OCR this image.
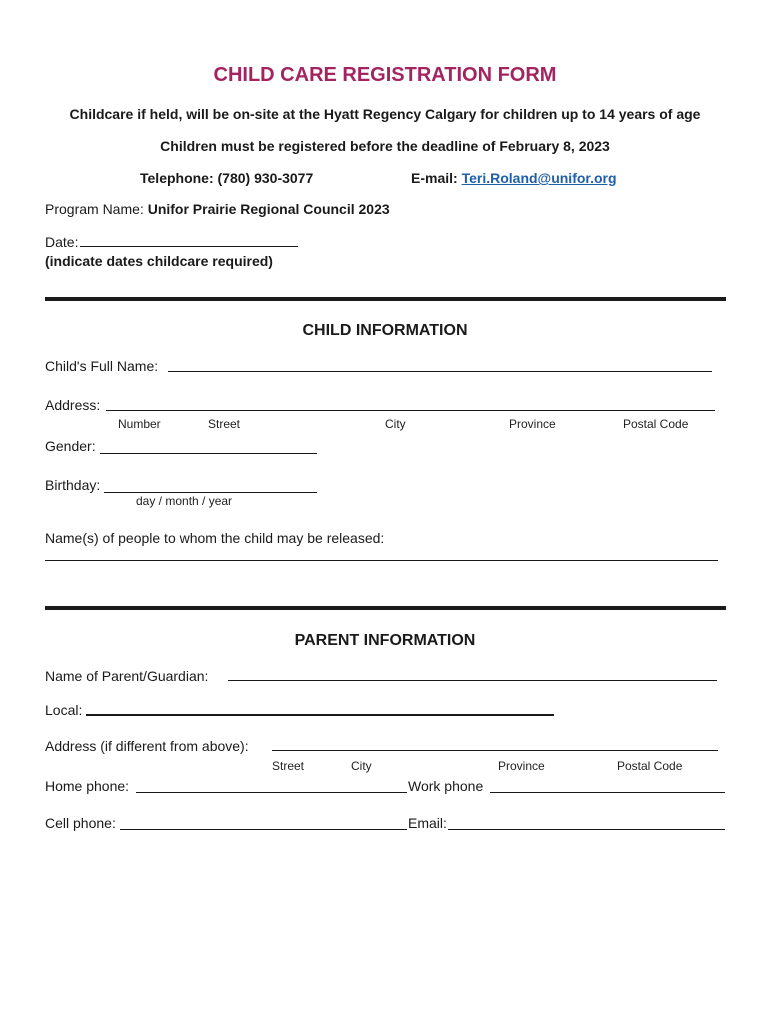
CHILD CARE REGISTRATION FORM
Childcare if held, will be on-site at the Hyatt Regency Calgary for children up to 14 years of age
Children must be registered before the deadline of February 8, 2023
Telephone: (780) 930-3077	E-mail: Teri.Roland@unifor.org
Program Name: Unifor Prairie Regional Council 2023
Date:
(indicate dates childcare required)
CHILD INFORMATION
Child's Full Name:
Address:
Number	Street	City	Province	Postal Code
Gender:
Birthday:
day / month / year
Name(s) of people to whom the child may be released:
PARENT INFORMATION
Name of Parent/Guardian:
Local:
Address (if different from above):
Street	City	Province	Postal Code
Home phone:	Work phone
Cell phone:	Email:
